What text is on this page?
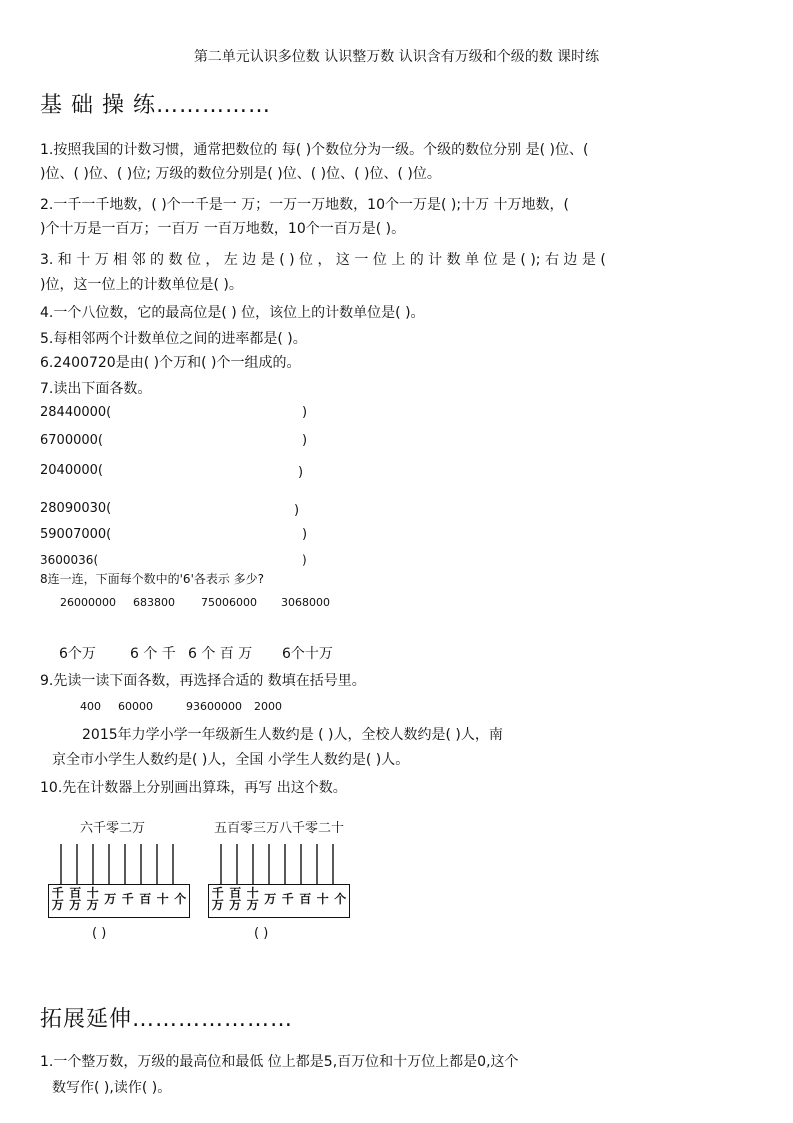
第二单元认识多位数 认识整万数 认识含有万级和个级的数 课时练
基 础 操 练……………
1.按照我国的计数习惯，通常把数位的 每( )个数位分为一级。个级的数位分别 是( )位、(
)位、( )位、( )位; 万级的数位分别是( )位、( )位、( )位、( )位。
2.一千一千地数，( )个一千是一 万；一万一万地数，10个一万是( );十万 十万地数，(
)个十万是一百万；一百万 一百万地数，10个一百万是( )。
3. 和 十 万 相 邻 的 数 位 ， 左 边 是 ( ) 位 ， 这 一 位 上 的 计 数 单 位 是 ( ); 右 边 是 (
)位，这一位上的计数单位是( )。
4.一个八位数，它的最高位是( ) 位，该位上的计数单位是( )。
5.每相邻两个计数单位之间的进率都是( )。
6.2400720是由( )个万和( )个一组成的。
7.读出下面各数。
28440000(	)
6700000(	)
2040000(	)
28090030(	)
59007000(	)
3600036(	)
8连一连，下面每个数中的'6'各表示 多少?
26000000 683800 75006000 3068000
6个万 6 个 千 6 个 百 万 6个十万
9.先读一读下面各数，再选择合适的 数填在括号里。
400 60000	93600000 2000
2015年力学小学一年级新生人数约是 ( )人，全校人数约是( )人，南
京全市小学生人数约是( )人，全国 小学生人数约是( )人。
10.先在计数器上分别画出算珠，再写 出这个数。
六千零二万	五百零三万八千零二十
千
万
百
万
十
万 万 千 百 十 个 千
万
百
万
十
万 万 千 百 十 个
( )	( )
拓展延伸…………………
1.一个整万数，万级的最高位和最低 位上都是5,百万位和十万位上都是0,这个
数写作( ),读作( )。
